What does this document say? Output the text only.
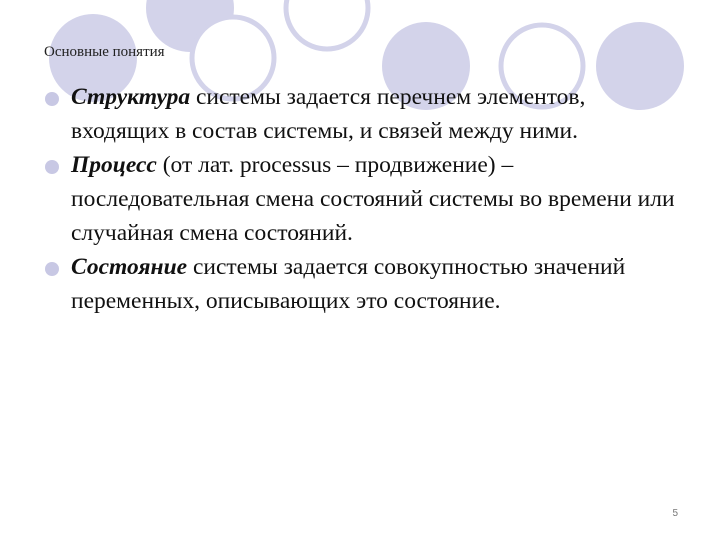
Основные понятия

Структура системы задается перечнем элементов, входящих в состав системы, и связей между ними.

Процесс (от лат. processus – продвижение) – последовательная смена состояний системы во времени или случайная смена состояний.

Состояние системы задается совокупностью значений переменных, описывающих это состояние.

5
